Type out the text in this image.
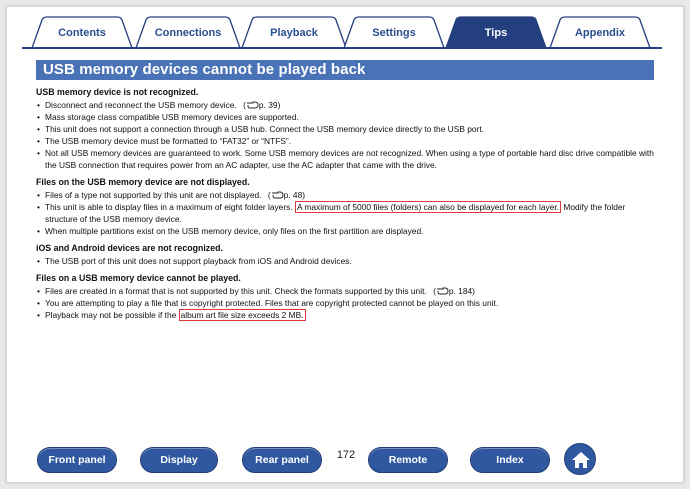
Contents	Connections	Playback	Settings	Tips	Appendix
USB memory devices cannot be played back
USB memory device is not recognized.
• Disconnect and reconnect the USB memory device. ( p. 39)
• Mass storage class compatible USB memory devices are supported.
• This unit does not support a connection through a USB hub. Connect the USB memory device directly to the USB port.
• The USB memory device must be formatted to “FAT32” or “NTFS”.
• Not all USB memory devices are guaranteed to work. Some USB memory devices are not recognized. When using a type of portable hard disc drive compatible with the USB connection that requires power from an AC adapter, use the AC adapter that came with the drive.
Files on the USB memory device are not displayed.
• Files of a type not supported by this unit are not displayed. ( p. 48)
• This unit is able to display files in a maximum of eight folder layers. A maximum of 5000 files (folders) can also be displayed for each layer. Modify the folder structure of the USB memory device.
• When multiple partitions exist on the USB memory device, only files on the first partition are displayed.
iOS and Android devices are not recognized.
• The USB port of this unit does not support playback from iOS and Android devices.
Files on a USB memory device cannot be played.
• Files are created in a format that is not supported by this unit. Check the formats supported by this unit. ( p. 184)
• You are attempting to play a file that is copyright protected. Files that are copyright protected cannot be played on this unit.
• Playback may not be possible if the album art file size exceeds 2 MB.
Front panel	Display	Rear panel	172	Remote	Index
